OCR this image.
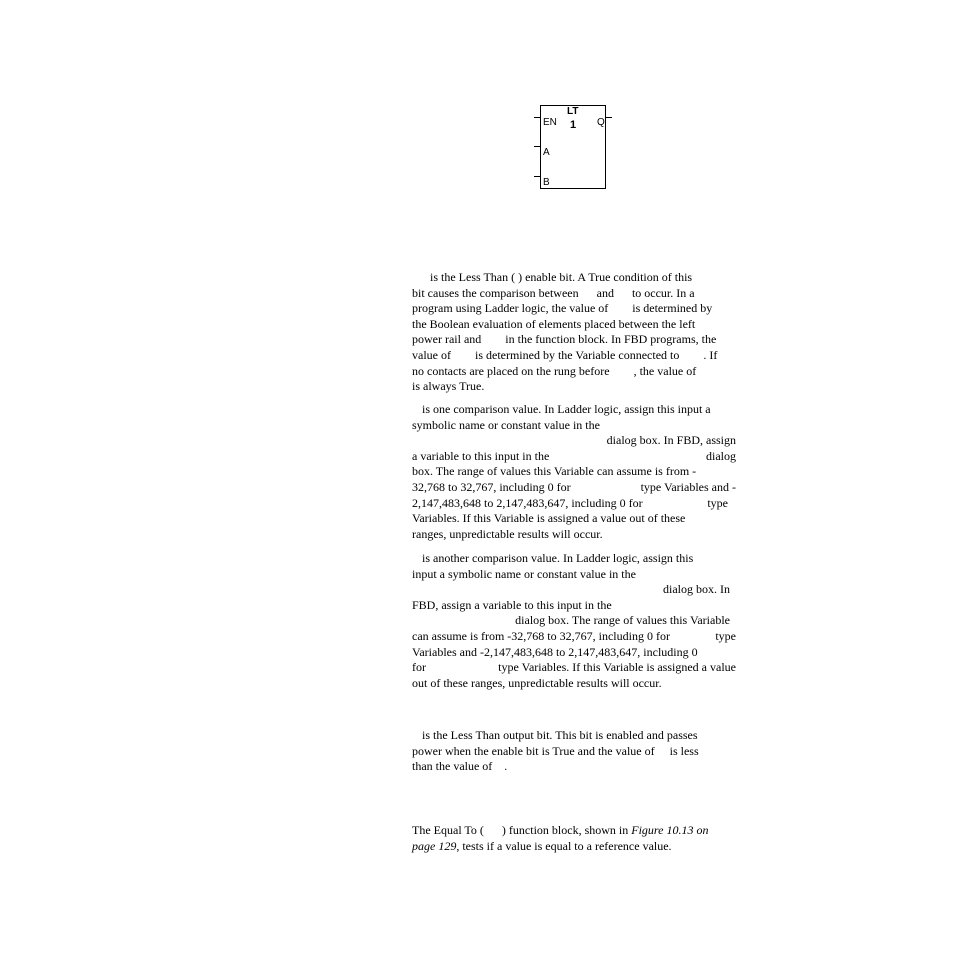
LT
1
EN	Q
A
B

is the Less Than ( ) enable bit. A True condition of this

bit causes the comparison between      and      to occur. In a

program using Ladder logic, the value of        is determined by

the Boolean evaluation of elements placed between the left

power rail and        in the function block. In FBD programs, the

value of        is determined by the Variable connected to        . If

no contacts are placed on the rung before        , the value of

is always True.

is one comparison value. In Ladder logic, assign this input a

symbolic name or constant value in the

dialog box. In FBD, assign

a variable to this input in the	dialog

box. The range of values this Variable can assume is from -

32,768 to 32,767, including 0 for	type Variables and -

2,147,483,648 to 2,147,483,647, including 0 for	type

Variables. If this Variable is assigned a value out of these

ranges, unpredictable results will occur.

is another comparison value. In Ladder logic, assign this

input a symbolic name or constant value in the

dialog box. In

FBD, assign a variable to this input in the

dialog box. The range of values this Variable

can assume is from -32,768 to 32,767, including 0 for	type

Variables and -2,147,483,648 to 2,147,483,647, including 0

for	type Variables. If this Variable is assigned a value

out of these ranges, unpredictable results will occur.

is the Less Than output bit. This bit is enabled and passes

power when the enable bit is True and the value of     is less

than the value of    .

The Equal To (      ) function block, shown in Figure 10.13 on

page 129, tests if a value is equal to a reference value.
